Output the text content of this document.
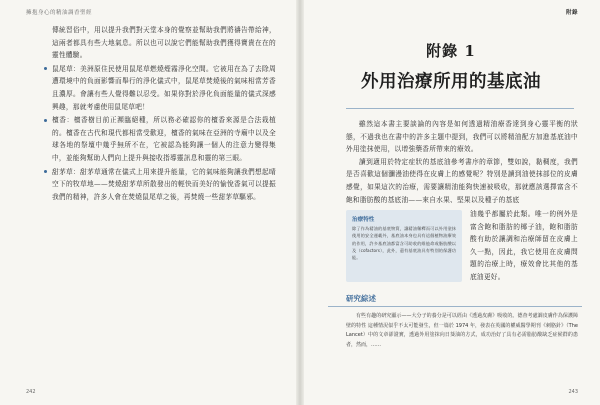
擁抱身心的精油調香聖經

傳統習俗中，用以提升我們對天堂本身的覺察並幫助我們將禱告帶給神，這兩者都具有些大地氣息。所以也可以說它們能幫助我們獲得寶貴在在的靈性體驗。

鼠尾草：美洲原住民使用鼠尾草燃燒煙霧淨化空間。它被用在為了去除周遭環境中的負面影響而舉行的淨化儀式中，鼠尾草焚燒後的氣味相當芳香且濃厚。會讓有些人覺得難以忍受。如果你對於淨化負面能量的儀式深感興趣，那就考慮使用鼠尾草吧！
檀香：檀香樹目前正瀕臨絕種，所以務必確認你的檀香來源是合法栽植的。檀香在古代和現代都相當受歡迎，檀香的氣味在亞洲的寺廟中以及全球各地的祭壇中幾乎無所不在，它被認為能夠讓一個人的注意力變得集中，並能夠幫助人們向上提升與接收指導靈訊息和靈的第三眼。
甜茅草：甜茅草通常在儀式上用來提升能量，它的氣味能夠讓我們想起晴空下的牧草地——焚燒甜茅草所散發出的輕快而美好的愉悅香氣可以提振我們的精神，許多人會在焚燒鼠尾草之後，再焚燒一些甜茅草驅邪。
242
附錄
附錄 1
外用治療所用的基底油

雖然這本書主要談論的內容是如何透過精油療香達到身心靈平衡的狀態，不過我也在書中的許多主題中提到，我們可以將精油配方加進基底油中外用塗抹使用，以增強藥香所帶來的療效。

讀到適用於特定症狀的基底油參考書序的章節，雙如說，黏稠度，我們是否喜歡這個瀰漫油使得在皮膚上的感覺呢？特別是讀到油使抹部位的皮膚感覺，如果這次的治療，需要讓精油能夠快速被吸收，那就應該選擇富含不飽和脂肪酸的基底油——來自水果、堅果以及種子的基底

治療特性
除了作為精油的基底物質，讓精油稀釋而可以外用塗抹使用的安全運載外，基底油本身也具有這個植物油療效的作用，許多基底油都富含可助收的維他命或脂肪酸以及（cofactors），此外，還有基底油具有特別的保護功能。
油幾乎都屬於此類。唯一的例外是富含飽和脂肪的椰子油，飽和脂肪酸有助於讓調和治療師留在皮膚上久一點，因此，我它使用在皮膚問題的治療上時，療效會比其他的基底油更好。
研究綜述

有些有趣的研究顯示——大分子的養分是可以經由《透過皮膚》吸收的。德查考處調皮膚作為保護障壁的特性 這種情況似乎不太可能發生，但一篇於 1974 年，發表在英國的權威醫學期刊《刺胳針》（The Lancet）中的文章卻證實，透過外用塗抹向日葵油的方式，成功治好了具有必需脂肪酸缺乏症候群的患者，然而，……

243
